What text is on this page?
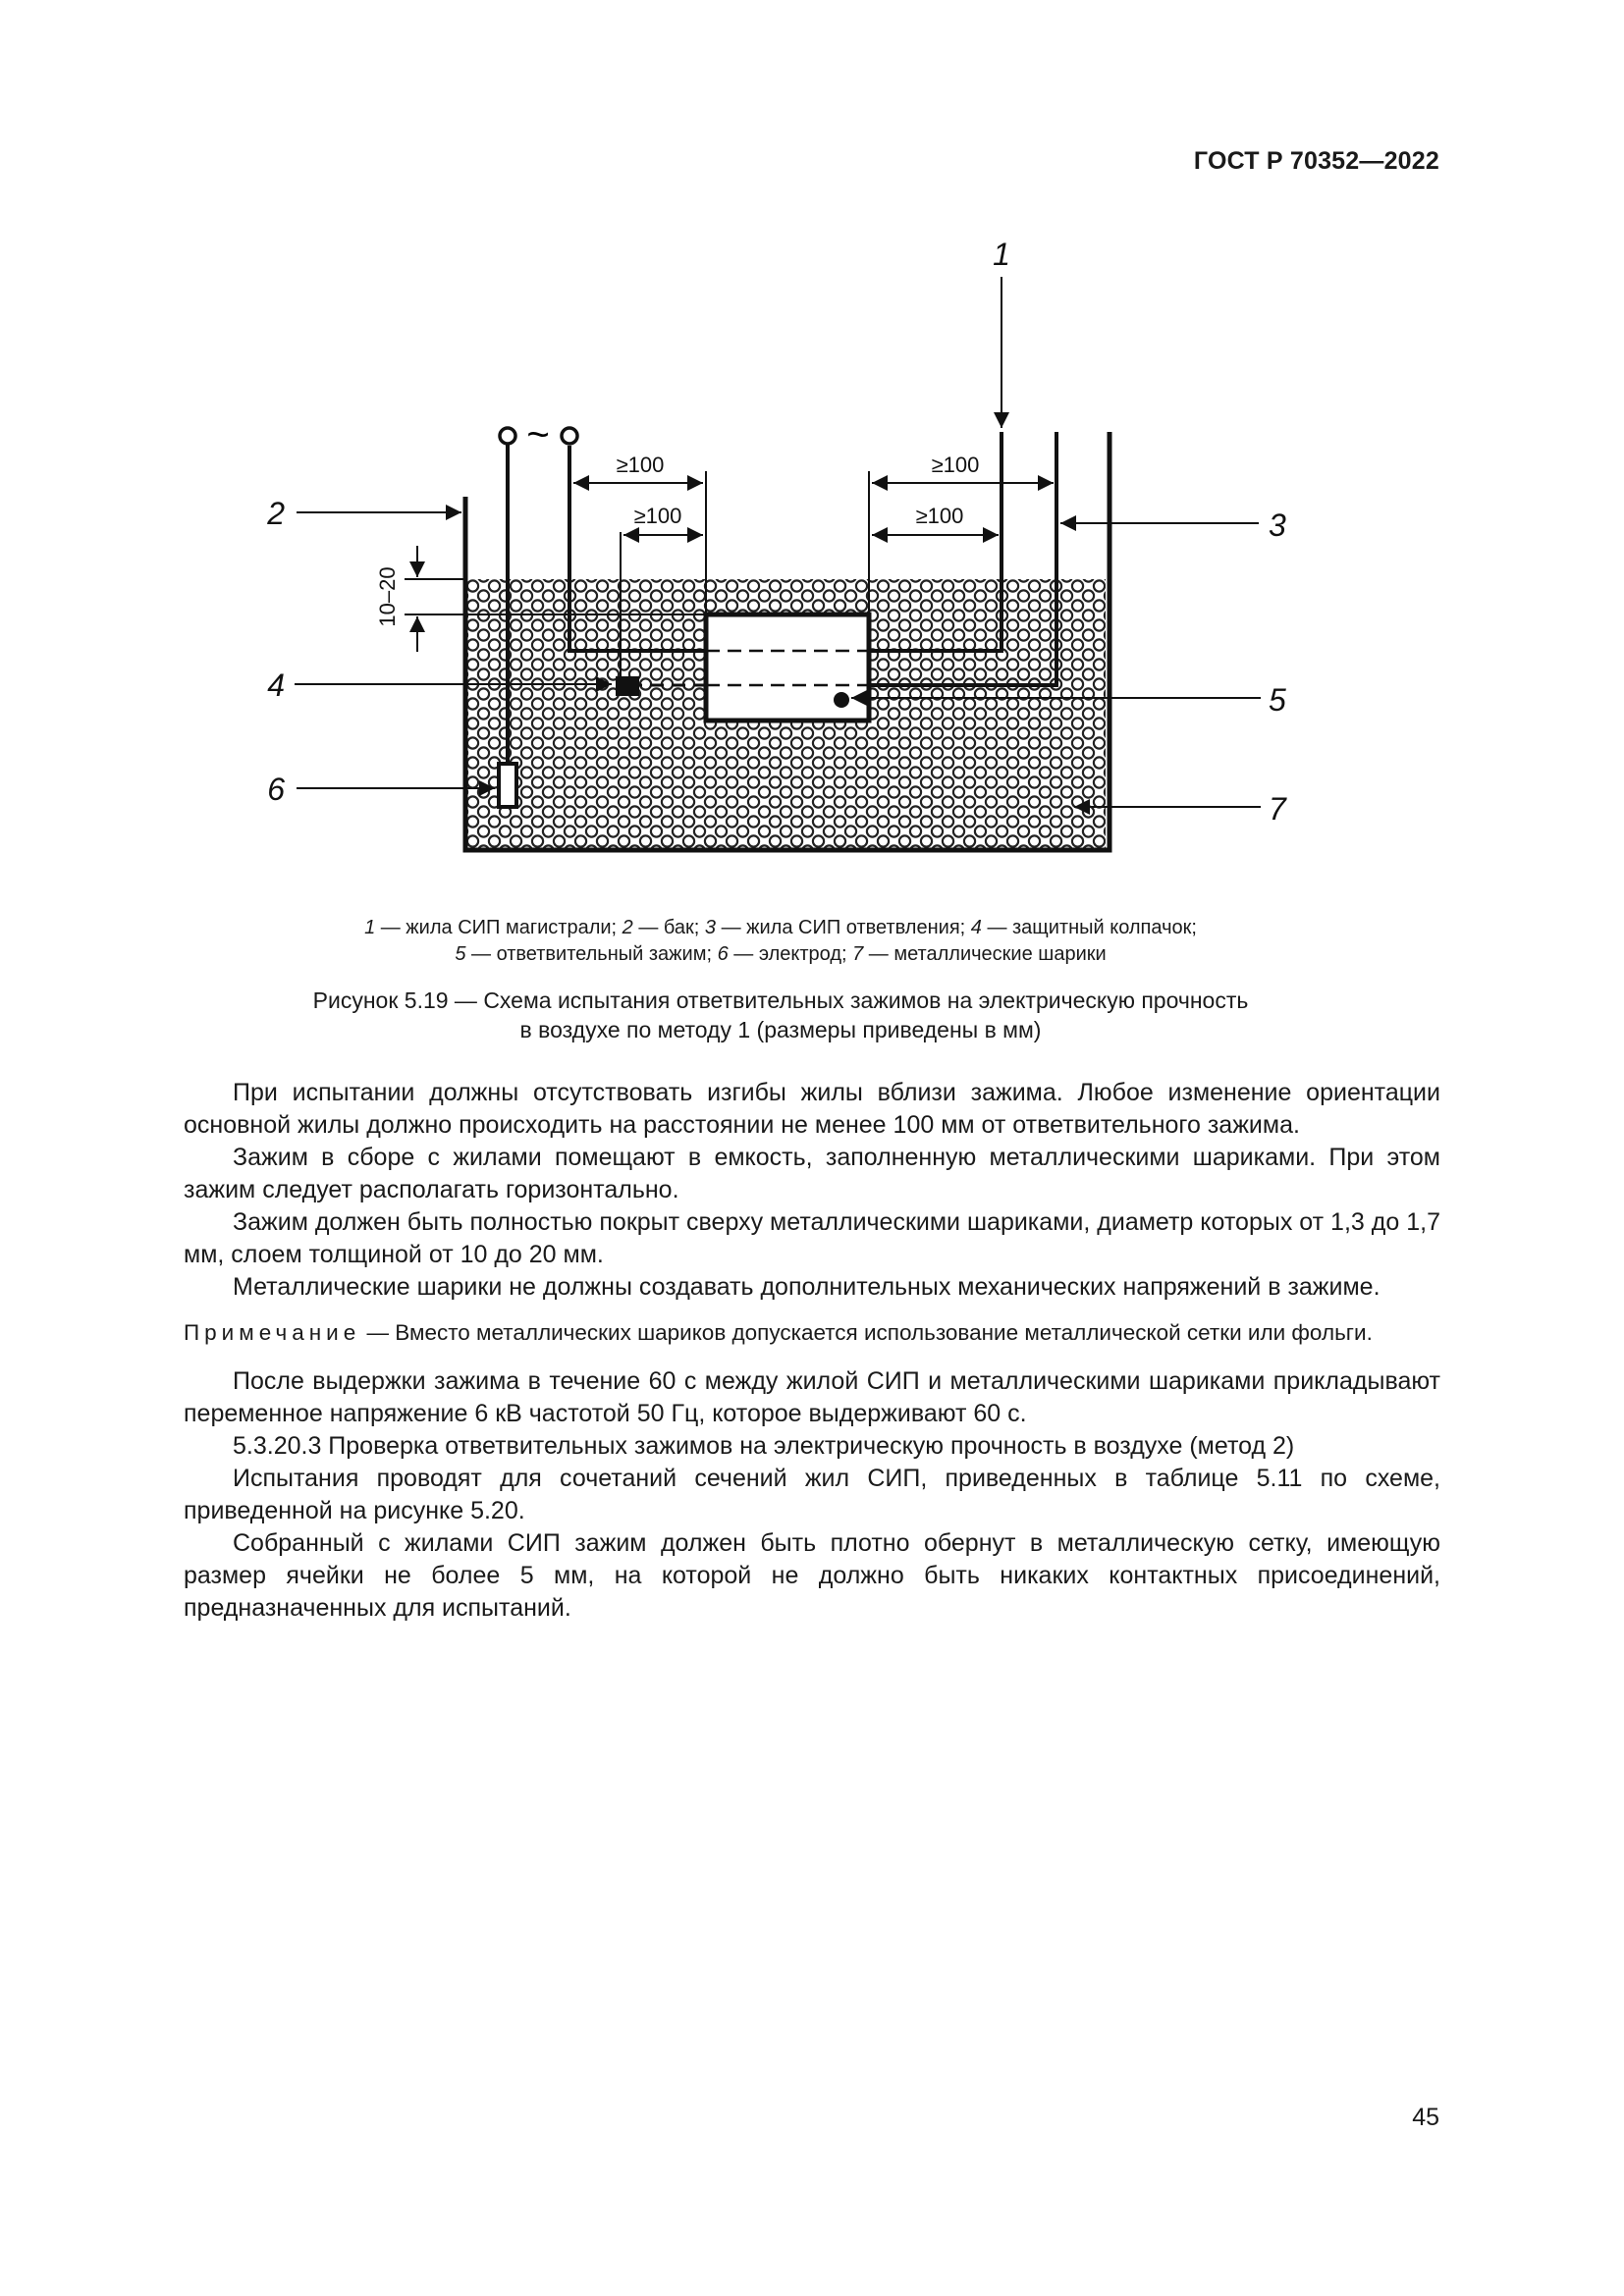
ГОСТ Р 70352—2022
~
≥100
≥100
≥100
≥100
10–20
1
2	3
4	5
6
7
1 — жила СИП магистрали; 2 — бак; 3 — жила СИП ответвления; 4 — защитный колпачок;
5 — ответвительный зажим; 6 — электрод; 7 — металлические шарики
Рисунок 5.19 — Схема испытания ответвительных зажимов на электрическую прочность
в воздухе по методу 1 (размеры приведены в мм)

При испытании должны отсутствовать изгибы жилы вблизи зажима. Любое изменение ориентации основной жилы должно происходить на расстоянии не менее 100 мм от ответвительного зажима.

Зажим в сборе с жилами помещают в емкость, заполненную металлическими шариками. При этом зажим следует располагать горизонтально.

Зажим должен быть полностью покрыт сверху металлическими шариками, диаметр которых от 1,3 до 1,7 мм, слоем толщиной от 10 до 20 мм.

Металлические шарики не должны создавать дополнительных механических напряжений в зажиме.

Примечание — Вместо металлических шариков допускается использование металлической сетки или фольги.

После выдержки зажима в течение 60 с между жилой СИП и металлическими шариками прикладывают переменное напряжение 6 кВ частотой 50 Гц, которое выдерживают 60 с.

5.3.20.3 Проверка ответвительных зажимов на электрическую прочность в воздухе (метод 2)

Испытания проводят для сочетаний сечений жил СИП, приведенных в таблице 5.11 по схеме, приведенной на рисунке 5.20.

Собранный с жилами СИП зажим должен быть плотно обернут в металлическую сетку, имеющую размер ячейки не более 5 мм, на которой не должно быть никаких контактных присоединений, предназначенных для испытаний.

45
